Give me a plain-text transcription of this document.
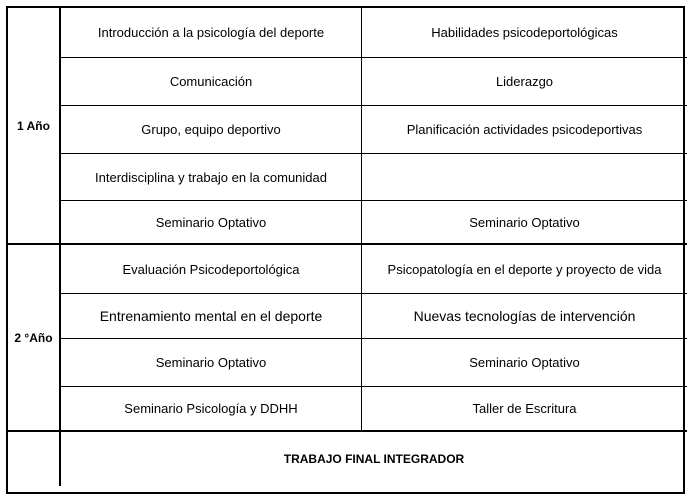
1 Año
Introducción a la psicología del deporte	Habilidades psicodeportológicas
Comunicación	Liderazgo
Grupo, equipo deportivo	Planificación actividades psicodeportivas
Interdisciplina y trabajo en la comunidad
Seminario Optativo	Seminario Optativo
2 °Año
Evaluación Psicodeportológica	Psicopatología en el deporte y proyecto de vida
Entrenamiento mental en el deporte	Nuevas tecnologías de intervención
Seminario Optativo	Seminario Optativo
Seminario Psicología y DDHH	Taller de Escritura
TRABAJO FINAL INTEGRADOR
